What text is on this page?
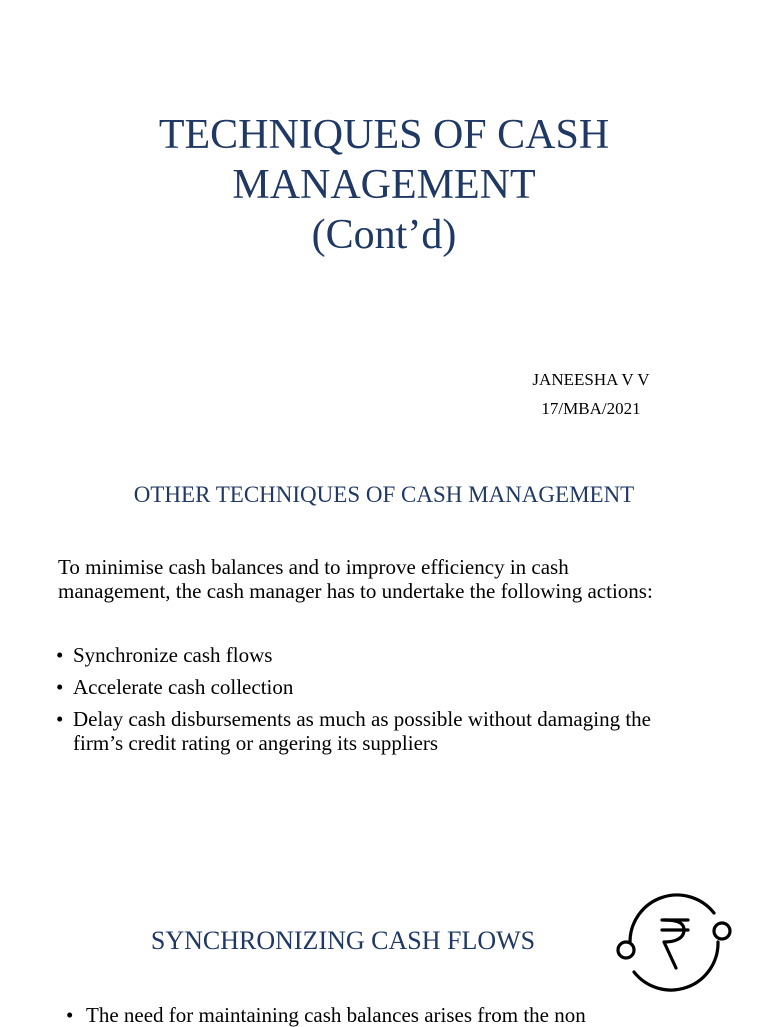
TECHNIQUES OF CASH
MANAGEMENT
(Cont’d)
JANEESHA V V
17/MBA/2021
OTHER TECHNIQUES OF CASH MANAGEMENT
To minimise cash balances and to improve efficiency in cash
management, the cash manager has to undertake the following actions:
• Synchronize cash flows
• Accelerate cash collection
• Delay cash disbursements as much as possible without damaging the
firm’s credit rating or angering its suppliers
SYNCHRONIZING CASH FLOWS
• The need for maintaining cash balances arises from the non
